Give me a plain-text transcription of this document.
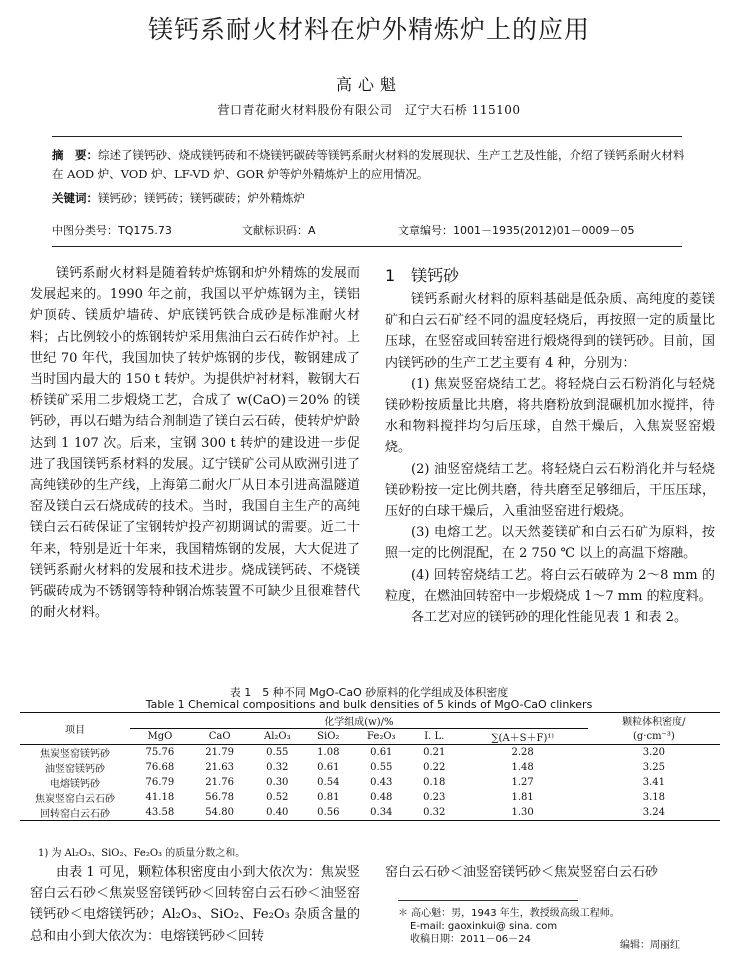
镁钙系耐火材料在炉外精炼炉上的应用
高心魁
营口青花耐火材料股份有限公司　辽宁大石桥 115100
摘　要：综述了镁钙砂、烧成镁钙砖和不烧镁钙碳砖等镁钙系耐火材料的发展现状、生产工艺及性能，介绍了镁钙系耐火材料在 AOD 炉、VOD 炉、LF-VD 炉、GOR 炉等炉外精炼炉上的应用情况。
关键词：镁钙砂；镁钙砖；镁钙碳砖；炉外精炼炉
中图分类号：TQ175.73	文献标识码：A	文章编号：1001－1935(2012)01－0009－05

镁钙系耐火材料是随着转炉炼钢和炉外精炼的发展而发展起来的。1990 年之前，我国以平炉炼钢为主，镁铝炉顶砖、镁质炉墙砖、炉底镁钙铁合成砂是标准耐火材料；占比例较小的炼钢转炉采用焦油白云石砖作炉衬。上世纪 70 年代，我国加快了转炉炼钢的步伐，鞍钢建成了当时国内最大的 150 t 转炉。为提供炉衬材料，鞍钢大石桥镁矿采用二步煅烧工艺，合成了 w(CaO)＝20% 的镁钙砂，再以石蜡为结合剂制造了镁白云石砖，使转炉炉龄达到 1 107 次。后来，宝钢 300 t 转炉的建设进一步促进了我国镁钙系材料的发展。辽宁镁矿公司从欧洲引进了高纯镁砂的生产线，上海第二耐火厂从日本引进高温隧道窑及镁白云石烧成砖的技术。当时，我国自主生产的高纯镁白云石砖保证了宝钢转炉投产初期调试的需要。近二十年来，特别是近十年来，我国精炼钢的发展，大大促进了镁钙系耐火材料的发展和技术进步。烧成镁钙砖、不烧镁钙碳砖成为不锈钢等特种钢冶炼装置不可缺少且很难替代的耐火材料。

1　镁钙砂

镁钙系耐火材料的原料基础是低杂质、高纯度的菱镁矿和白云石矿经不同的温度轻烧后，再按照一定的质量比压球，在竖窑或回转窑进行煅烧得到的镁钙砂。目前，国内镁钙砂的生产工艺主要有 4 种，分别为：

(1) 焦炭竖窑烧结工艺。将轻烧白云石粉消化与轻烧镁砂粉按质量比共磨，将共磨粉放到混碾机加水搅拌，待水和物料搅拌均匀后压球，自然干燥后，入焦炭竖窑煅烧。

(2) 油竖窑烧结工艺。将轻烧白云石粉消化并与轻烧镁砂粉按一定比例共磨，待共磨至足够细后，干压压球，压好的白球干燥后，入重油竖窑进行煅烧。

(3) 电熔工艺。以天然菱镁矿和白云石矿为原料，按照一定的比例混配，在 2 750 ℃ 以上的高温下熔融。

(4) 回转窑烧结工艺。将白云石破碎为 2～8 mm 的粒度，在燃油回转窑中一步煅烧成 1～7 mm 的粒度料。

各工艺对应的镁钙砂的理化性能见表 1 和表 2。

表 1　5 种不同 MgO-CaO 砂原料的化学组成及体积密度
Table 1 Chemical compositions and bulk densities of 5 kinds of MgO-CaO clinkers
项目	化学组成(w)/%							颗粒体积密度/
	MgO	CaO	Al₂O₃	SiO₂	Fe₂O₃	I. L.	∑(A＋S＋F)¹⁾	(g·cm⁻³)
焦炭竖窑镁钙砂	75.76	21.79	0.55	1.08	0.61	0.21	2.28	3.20
油竖窑镁钙砂	76.68	21.63	0.32	0.61	0.55	0.22	1.48	3.25
电熔镁钙砂	76.79	21.76	0.30	0.54	0.43	0.18	1.27	3.41
焦炭竖窑白云石砂	41.18	56.78	0.52	0.81	0.48	0.23	1.81	3.18
回转窑白云石砂	43.58	54.80	0.40	0.56	0.34	0.32	1.30	3.24
1) 为 Al₂O₃、SiO₂、Fe₂O₃ 的质量分数之和。

由表 1 可见，颗粒体积密度由小到大依次为：焦炭竖窑白云石砂＜焦炭竖窑镁钙砂＜回转窑白云石砂＜油竖窑镁钙砂＜电熔镁钙砂；Al₂O₃、SiO₂、Fe₂O₃ 杂质含量的总和由小到大依次为：电熔镁钙砂＜回转

窑白云石砂＜油竖窑镁钙砂＜焦炭竖窑白云石砂

＊ 高心魁：男，1943 年生，教授级高级工程师。
E-mail: gaoxinkui@ sina. com
收稿日期：2011－06－24
编辑：周丽红
